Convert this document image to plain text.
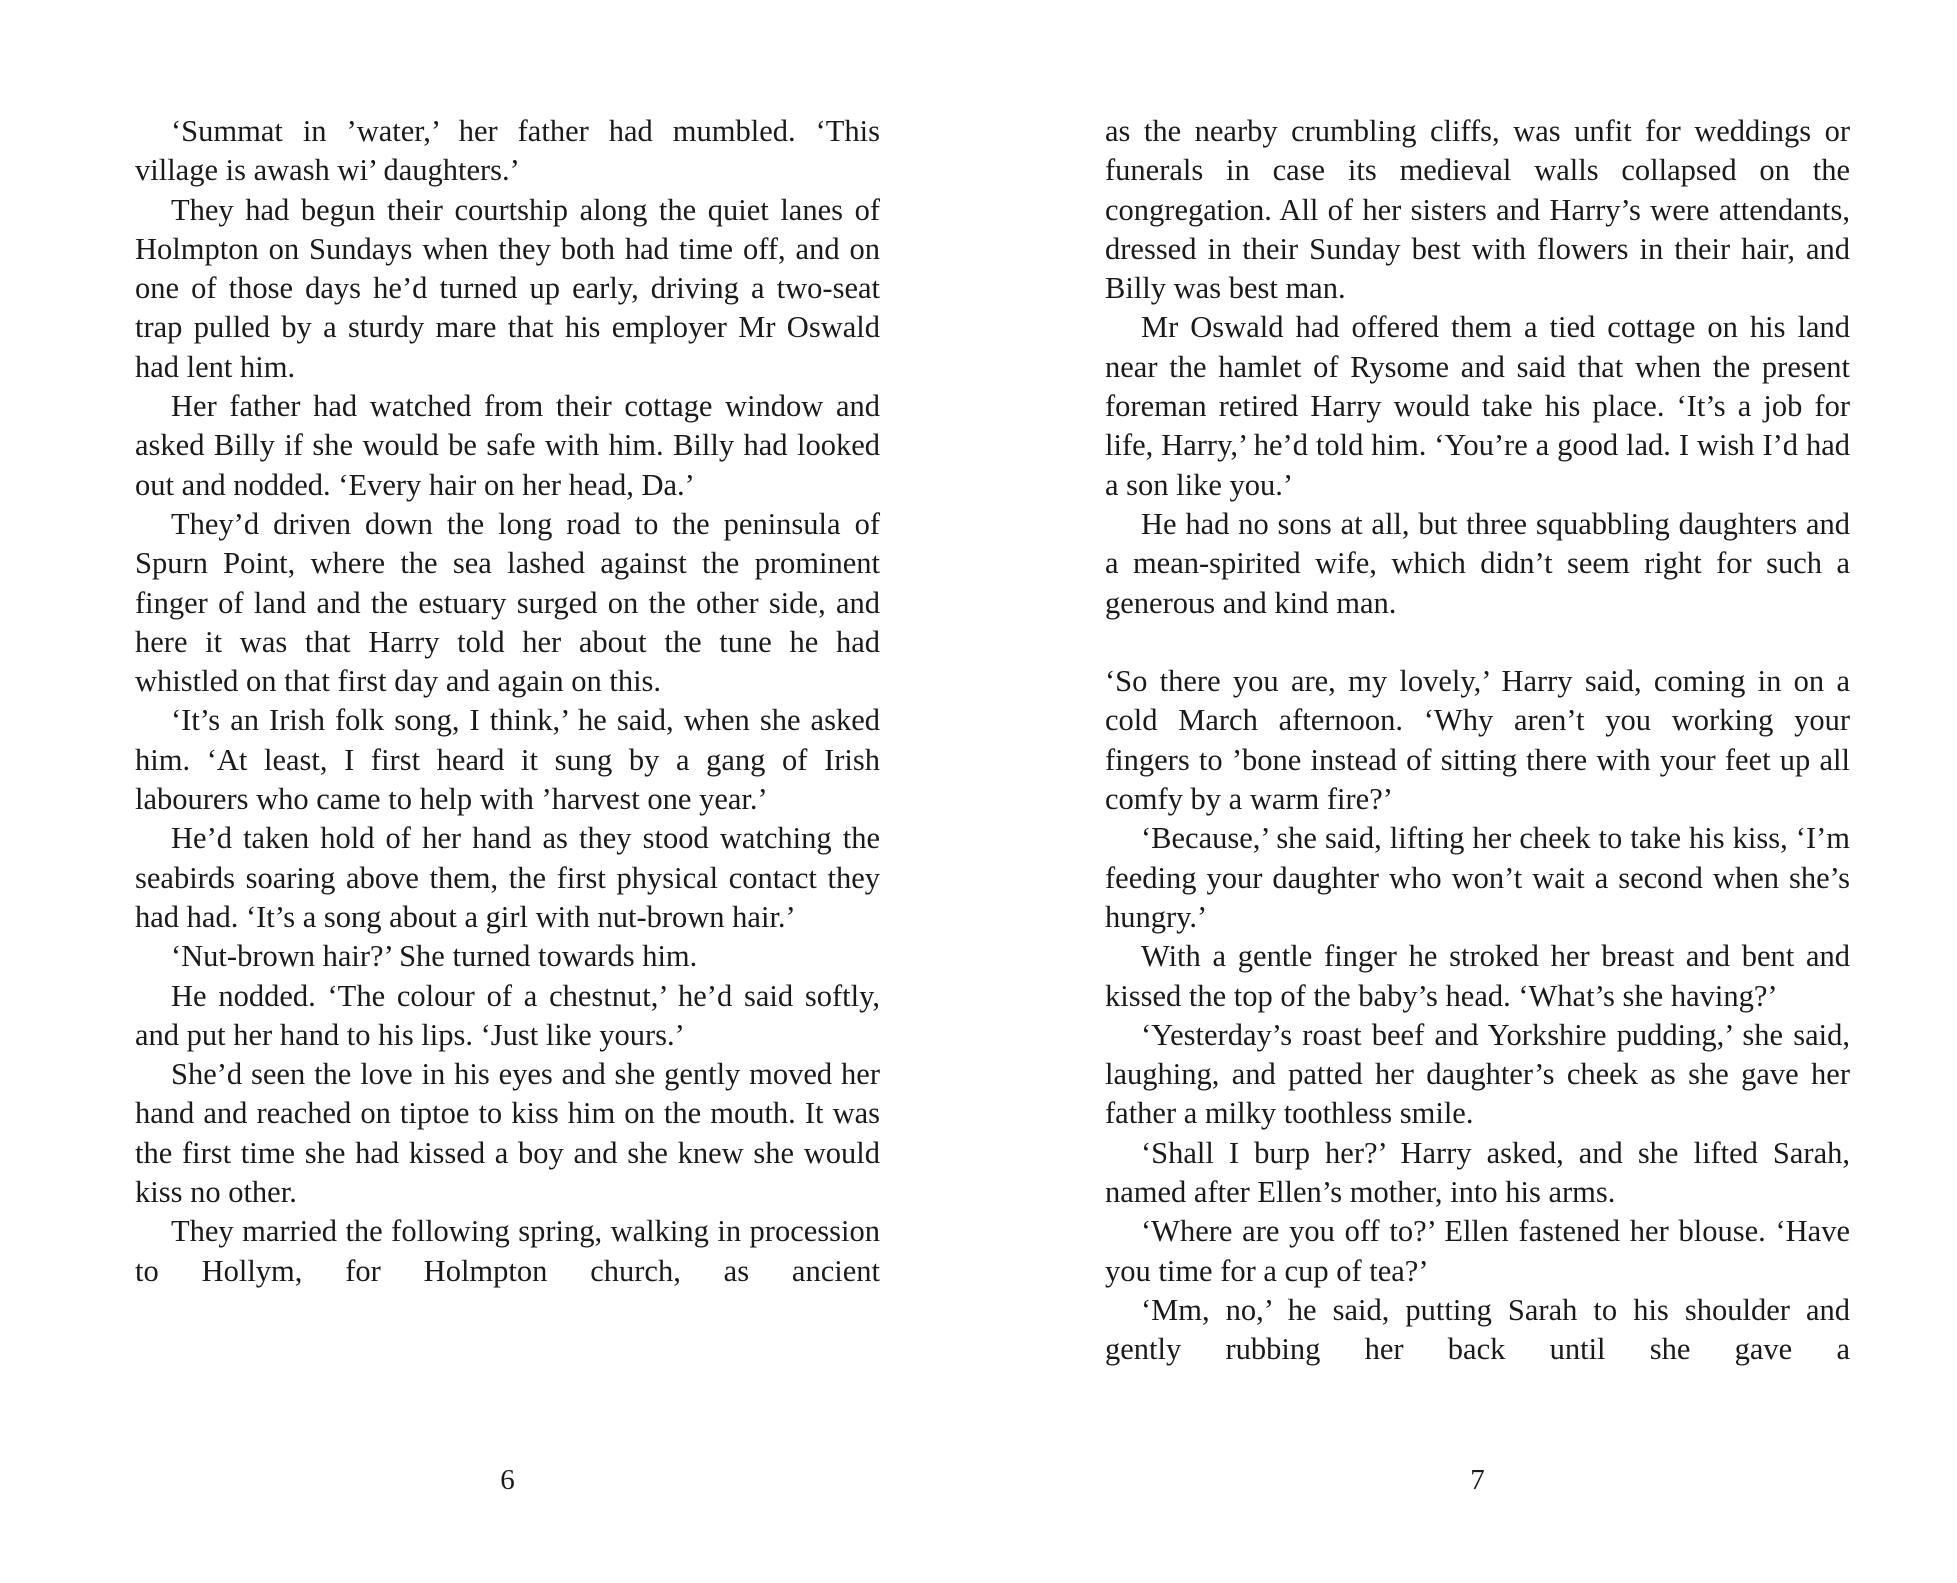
‘Summat in ’water,’ her father had mumbled. ‘This village is awash wi’ daughters.’

They had begun their courtship along the quiet lanes of Holmpton on Sundays when they both had time off, and on one of those days he’d turned up early, driving a two-seat trap pulled by a sturdy mare that his employer Mr Oswald had lent him.

Her father had watched from their cottage window and asked Billy if she would be safe with him. Billy had looked out and nodded. ‘Every hair on her head, Da.’

They’d driven down the long road to the peninsula of Spurn Point, where the sea lashed against the prominent finger of land and the estuary surged on the other side, and here it was that Harry told her about the tune he had whistled on that first day and again on this.

‘It’s an Irish folk song, I think,’ he said, when she asked him. ‘At least, I first heard it sung by a gang of Irish labourers who came to help with ’harvest one year.’

He’d taken hold of her hand as they stood watching the seabirds soaring above them, the first physical contact they had had. ‘It’s a song about a girl with nut-brown hair.’

‘Nut-brown hair?’ She turned towards him.

He nodded. ‘The colour of a chestnut,’ he’d said softly, and put her hand to his lips. ‘Just like yours.’

She’d seen the love in his eyes and she gently moved her hand and reached on tiptoe to kiss him on the mouth. It was the first time she had kissed a boy and she knew she would kiss no other.

They married the following spring, walking in procession to Hollym, for Holmpton church, as ancient

6

as the nearby crumbling cliffs, was unfit for weddings or funerals in case its medieval walls collapsed on the congregation. All of her sisters and Harry’s were attendants, dressed in their Sunday best with flowers in their hair, and Billy was best man.

Mr Oswald had offered them a tied cottage on his land near the hamlet of Rysome and said that when the present foreman retired Harry would take his place. ‘It’s a job for life, Harry,’ he’d told him. ‘You’re a good lad. I wish I’d had a son like you.’

He had no sons at all, but three squabbling daughters and a mean-spirited wife, which didn’t seem right for such a generous and kind man.

‘So there you are, my lovely,’ Harry said, coming in on a cold March afternoon. ‘Why aren’t you working your fingers to ’bone instead of sitting there with your feet up all comfy by a warm fire?’

‘Because,’ she said, lifting her cheek to take his kiss, ‘I’m feeding your daughter who won’t wait a second when she’s hungry.’

With a gentle finger he stroked her breast and bent and kissed the top of the baby’s head. ‘What’s she having?’

‘Yesterday’s roast beef and Yorkshire pudding,’ she said, laughing, and patted her daughter’s cheek as she gave her father a milky toothless smile.

‘Shall I burp her?’ Harry asked, and she lifted Sarah, named after Ellen’s mother, into his arms.

‘Where are you off to?’ Ellen fastened her blouse. ‘Have you time for a cup of tea?’

‘Mm, no,’ he said, putting Sarah to his shoulder and gently rubbing her back until she gave a

7
